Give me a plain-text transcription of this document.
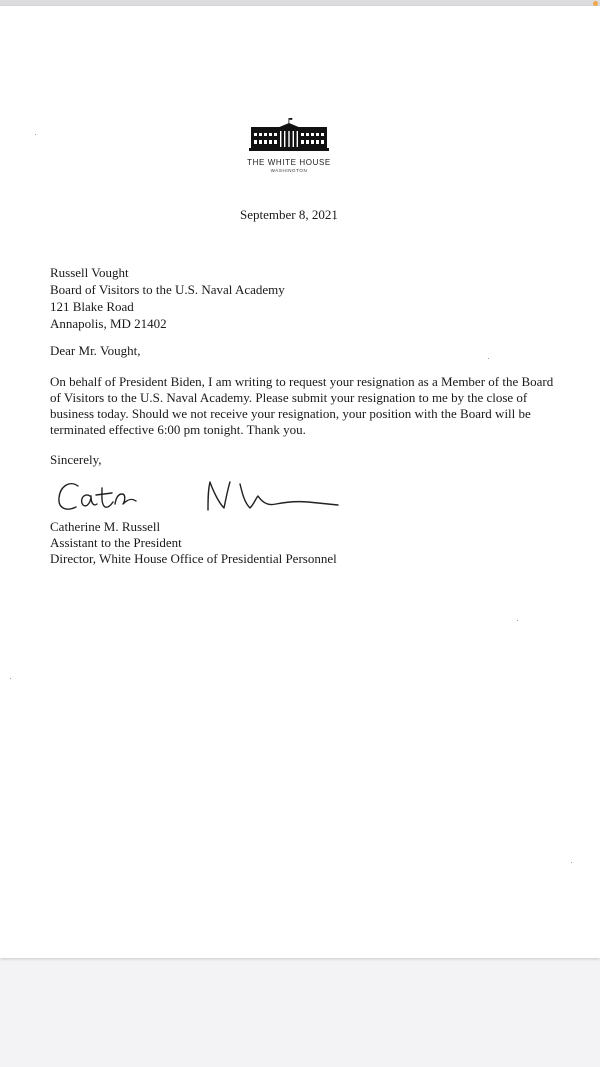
THE WHITE HOUSE
WASHINGTON
September 8, 2021
Russell Vought
Board of Visitors to the U.S. Naval Academy
121 Blake Road
Annapolis, MD 21402
Dear Mr. Vought,
On behalf of President Biden, I am writing to request your resignation as a Member of the Board
of Visitors to the U.S. Naval Academy. Please submit your resignation to me by the close of
business today. Should we not receive your resignation, your position with the Board will be
terminated effective 6:00 pm tonight. Thank you.
Sincerely,
Catherine M. Russell
Assistant to the President
Director, White House Office of Presidential Personnel
